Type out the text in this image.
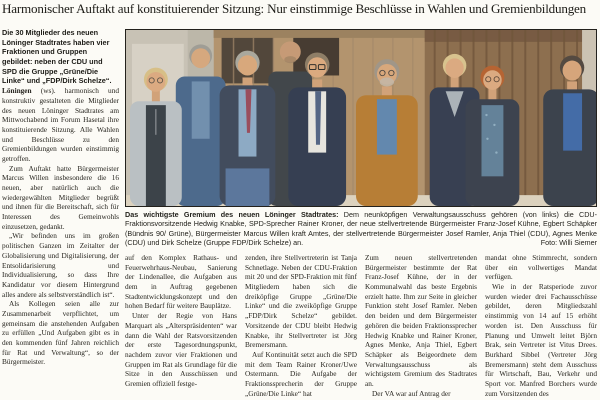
Harmonischer Auftakt auf konstituierender Sitzung: Nur einstimmige Beschlüsse in Wahlen und Gremienbildungen

Die 30 Mitglieder des neuen Löninger Stadtrates haben vier Fraktionen und Gruppen gebildet: neben der CDU und SPD die Gruppe „Grüne/Die Linke“ und „FDP/Dirk Schelze“.

Löningen (ws). harmonisch und konstruktiv gestalteten die Mitglieder des neuen Löninger Stadtrates am Mittwochabend im Forum Hasetal ihre konstituierende Sitzung. Alle Wahlen und Beschlüsse zu den Gremienbildungen wurden einstimmig getroffen.

Zum Auftakt hatte Bürgermeister Marcus Willen insbesondere die 16 neuen, aber natürlich auch die wiedergewählten Mitglieder begrüßt und ihnen für die Bereitschaft, sich für Interessen des Gemeinwohls einzusetzen, gedankt.

„Wir befinden uns im großen politischen Ganzen im Zeitalter der Globalisierung und Digitalisierung, der Entsolidarisierung und Individualisierung, so dass Ihre Kandidatur vor diesem Hintergrund alles andere als selbstverständlich ist“.

Als Kollegen seien alle zur Zusammenarbeit verpflichtet, um gemeinsam die anstehenden Aufgaben zu erfüllen „Und Aufgaben gibt es in den kommenden fünf Jahren reichlich für Rat und Verwaltung“, so der Bürgermeister.

Das wichtigste Gremium des neuen Löninger Stadtrates: Dem neunköpfigen Verwaltungsausschuss gehören (von links) die CDU-Fraktionsvorsitzende Hedwig Knabke, SPD-Sprecher Rainer Kroner, der neue stellvertretende Bürgermeister Franz-Josef Kühne, Egbert Schäpker (Bündnis 90/ Grüne), Bürgermeister Marcus Willen kraft Amtes, der stellvertretende Bürgermeister Josef Ramler, Anja Thiel (CDU), Agnes Menke (CDU) und Dirk Schelze (Gruppe FDP/Dirk Schelze) an.	Foto: Willi Siemer

auf den Komplex Rathaus- und Feuerwehrhaus-Neubau, Sanierung der Lindenallee, die Aufgaben aus dem in Auftrag gegebenen Stadtentwicklungskonzept und den hohen Bedarf für weitere Bauplätze.

Unter der Regie von Hans Marquart als „Alterspräsidenten“ war dann die Wahl der Ratsvorsitzenden der erste Tagesordnungspunkt, nachdem zuvor vier Fraktionen und Gruppen im Rat als Grundlage für die Sitze in den Ausschüssen und Gremien offiziell festge-

zenden, ihre Stellvertreterin ist Tanja Schnetlage. Neben der CDU-Fraktion mit 20 und der SPD-Fraktion mit fünf Mitgliedern haben sich die dreiköpfige Gruppe „Grüne/Die Linke“ und die zweiköpfige Gruppe „FDP/Dirk Schelze“ gebildet. Vorsitzende der CDU bleibt Hedwig Knabke, ihr Stellvertreter ist Jörg Bremersmann.

Auf Kontinuität setzt auch die SPD mit dem Team Rainer Kroner/Uwe Ostermann. Die Aufgabe der Fraktionssprecherin der Gruppe „Grüne/Die Linke“ hat

Zum neuen stellvertretenden Bürgermeister bestimmte der Rat Franz-Josef Kühne, der in der Kommunalwahl das beste Ergebnis erzielt hatte. Ihm zur Seite in gleicher Funktion steht Josef Ramler. Neben den beiden und dem Bürgermeister gehören die beiden Fraktionssprecher Hedwig Knabke und Rainer Kroner, Agnes Menke, Anja Thiel, Egbert Schäpker als Beigeordnete dem Verwaltungsausschuss als wichtigstem Gremium des Stadtrates an.

Der VA war auf Antrag der

mandat ohne Stimmrecht, sondern über ein vollwertiges Mandat verfügen.

Wie in der Ratsperiode zuvor wurden wieder drei Fachausschüsse gebildet, deren Mitgliedszahl einstimmig von 14 auf 15 erhöht worden ist. Den Ausschuss für Planung und Umwelt leitet Björn Brak, sein Vertreter ist Vitus Drees. Burkhard Sibbel (Vertreter Jörg Bremersmann) steht dem Ausschuss für Wirtschaft, Bau, Verkehr und Sport vor. Manfred Borchers wurde zum Vorsitzenden des
